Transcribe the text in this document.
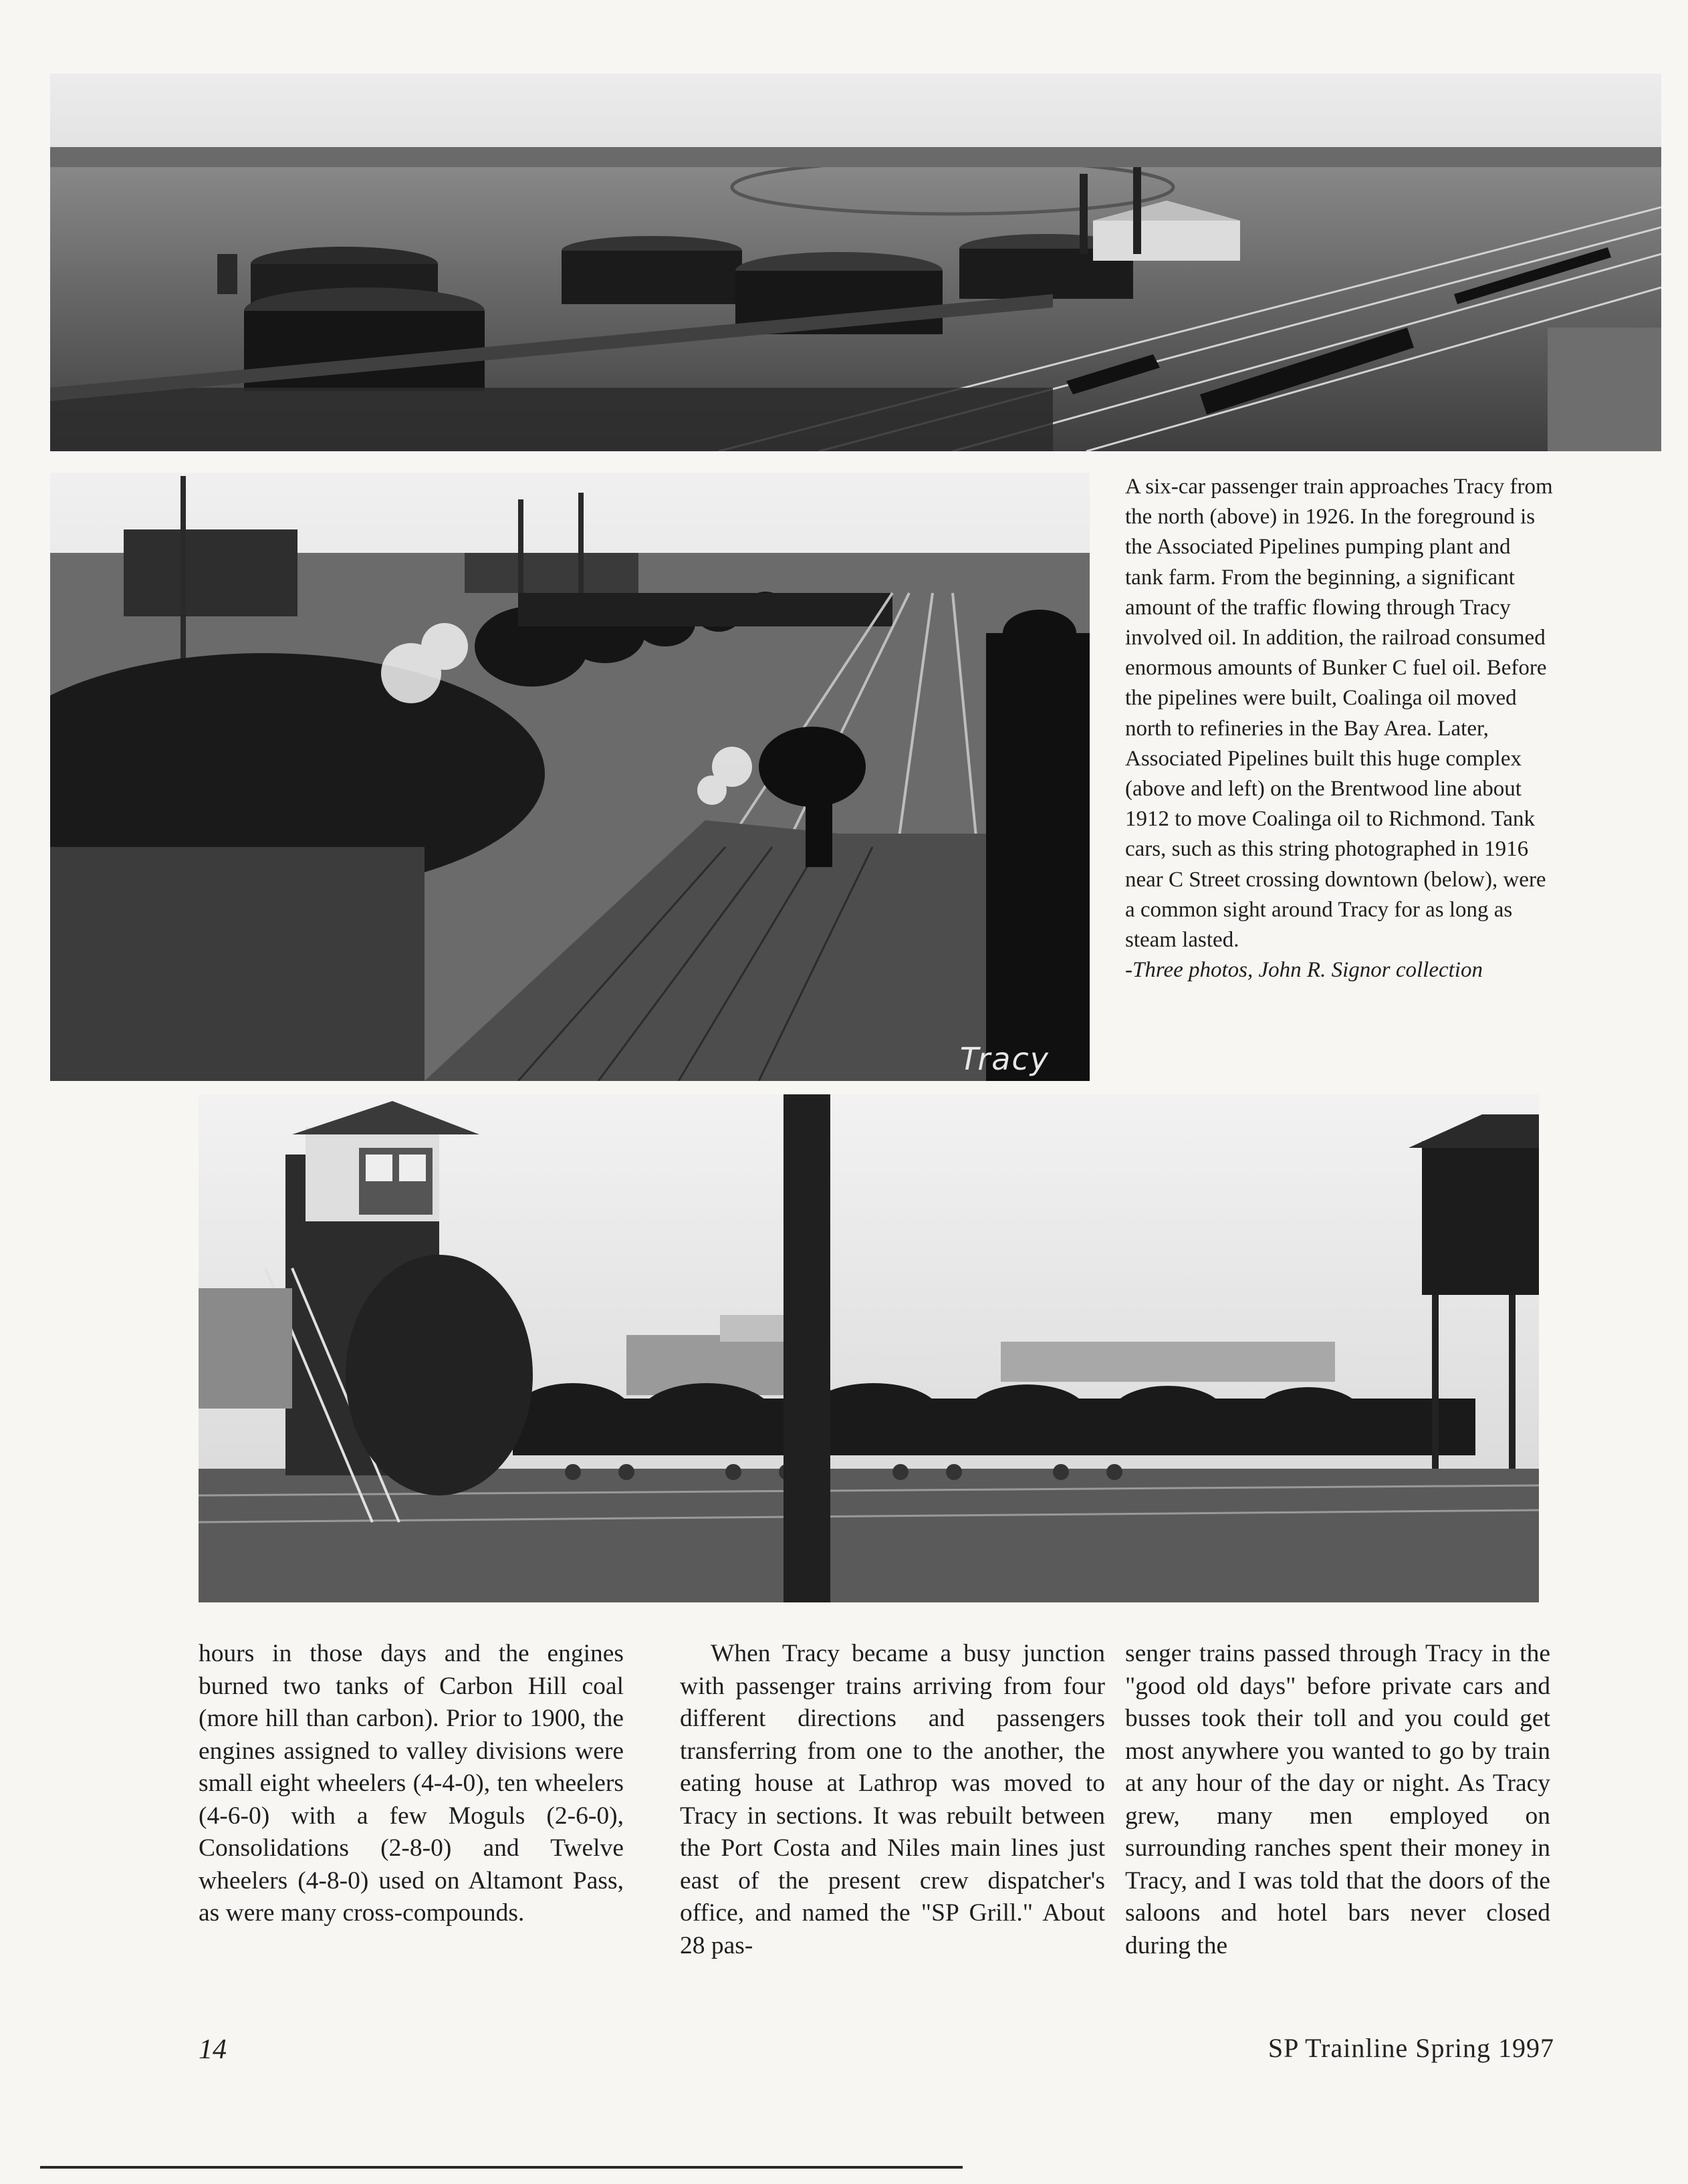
Tracy
A six-car passenger train approaches Tracy from the north (above) in 1926. In the foreground is the Associated Pipelines pumping plant and tank farm. From the beginning, a significant amount of the traffic flowing through Tracy involved oil. In addition, the railroad consumed enormous amounts of Bunker C fuel oil. Before the pipelines were built, Coalinga oil moved north to refineries in the Bay Area. Later, Associated Pipelines built this huge complex (above and left) on the Brentwood line about 1912 to move Coalinga oil to Richmond. Tank cars, such as this string photographed in 1916 near C Street crossing downtown (below), were a common sight around Tracy for as long as steam lasted.
-Three photos, John R. Signor collection

hours in those days and the engines burned two tanks of Carbon Hill coal (more hill than carbon). Prior to 1900, the engines assigned to valley divisions were small eight wheelers (4-4-0), ten wheelers (4-6-0) with a few Moguls (2-6-0), Consolidations (2-8-0) and Twelve wheelers (4-8-0) used on Altamont Pass, as were many cross-compounds.

When Tracy became a busy junction with passenger trains arriving from four different directions and passengers transferring from one to the another, the eating house at Lathrop was moved to Tracy in sections. It was rebuilt between the Port Costa and Niles main lines just east of the present crew dispatcher's office, and named the "SP Grill." About 28 pas-

senger trains passed through Tracy in the "good old days" before private cars and busses took their toll and you could get most anywhere you wanted to go by train at any hour of the day or night. As Tracy grew, many men employed on surrounding ranches spent their money in Tracy, and I was told that the doors of the saloons and hotel bars never closed during the

14	SP Trainline Spring 1997
